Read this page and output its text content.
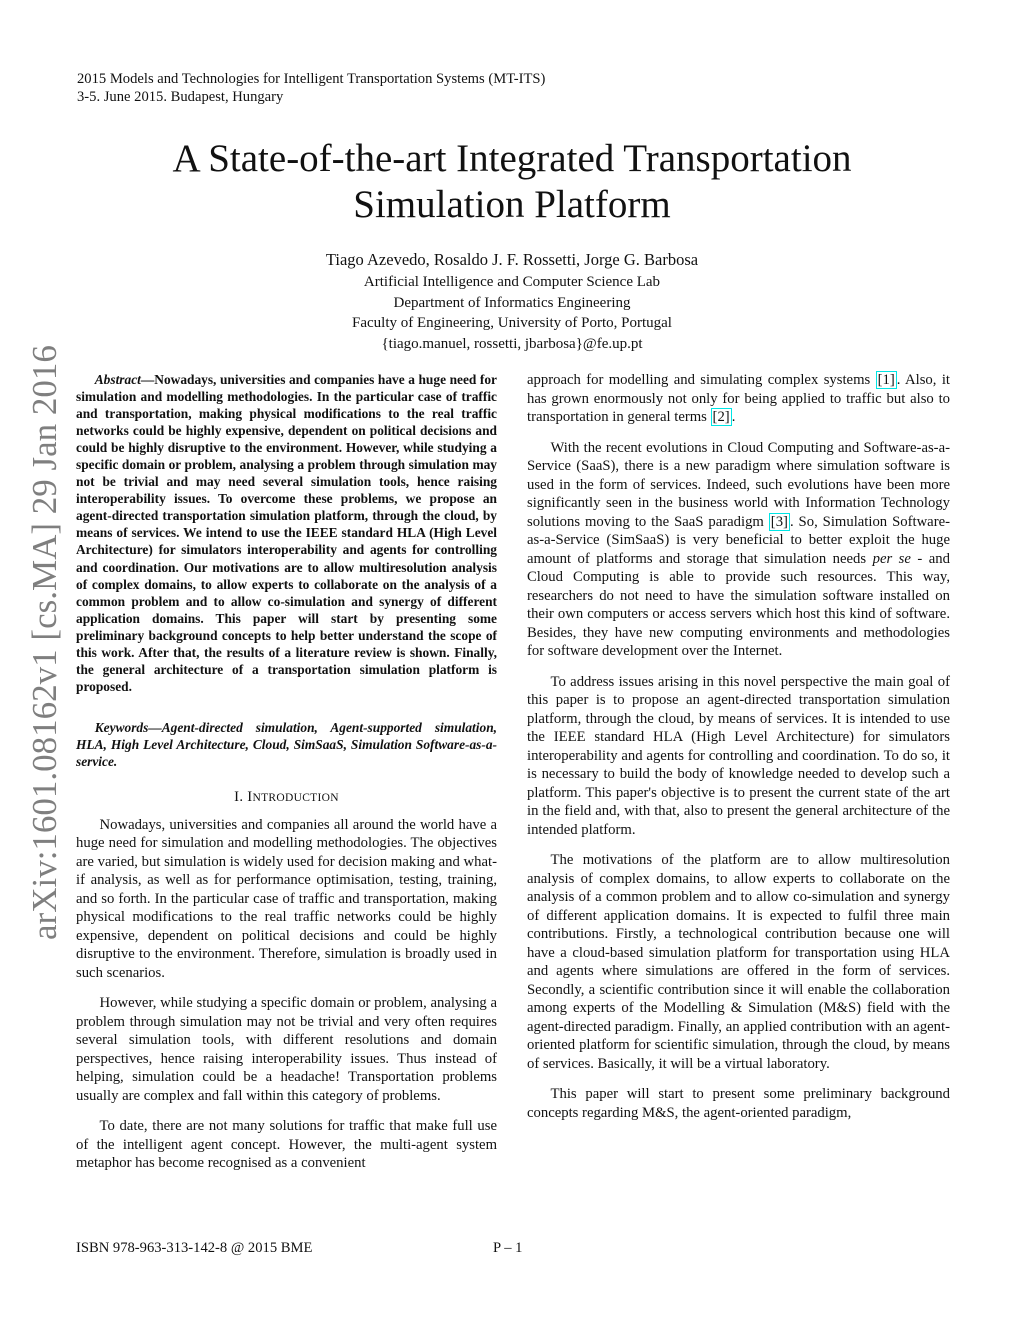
2015 Models and Technologies for Intelligent Transportation Systems (MT-ITS)
3-5. June 2015. Budapest, Hungary
A State-of-the-art Integrated Transportation
Simulation Platform
Tiago Azevedo, Rosaldo J. F. Rossetti, Jorge G. Barbosa
Artificial Intelligence and Computer Science Lab
Department of Informatics Engineering
Faculty of Engineering, University of Porto, Portugal
{tiago.manuel, rossetti, jbarbosa}@fe.up.pt
arXiv:1601.08162v1 [cs.MA] 29 Jan 2016	Abstract—Nowadays, universities and companies have a huge need for simulation and modelling methodologies. In the particular case of traffic and transportation, making physical modifications to the real traffic networks could be highly expensive, dependent on political decisions and could be highly disruptive to the environment. However, while studying a specific domain or problem, analysing a problem through simulation may not be trivial and may need several simulation tools, hence raising interoperability issues. To overcome these problems, we propose an agent-directed transportation simulation platform, through the cloud, by means of services. We intend to use the IEEE standard HLA (High Level Architecture) for simulators interoperability and agents for controlling and coordination. Our motivations are to allow multiresolution analysis of complex domains, to allow experts to collaborate on the analysis of a common problem and to allow co-simulation and synergy of different application domains. This paper will start by presenting some preliminary background concepts to help better understand the scope of this work. After that, the results of a literature review is shown. Finally, the general architecture of a transportation simulation platform is proposed.

Keywords—Agent-directed simulation, Agent-supported simulation, HLA, High Level Architecture, Cloud, SimSaaS, Simulation Software-as-a-service.

I. INTRODUCTION

Nowadays, universities and companies all around the world have a huge need for simulation and modelling methodologies. The objectives are varied, but simulation is widely used for decision making and what-if analysis, as well as for performance optimisation, testing, training, and so forth. In the particular case of traffic and transportation, making physical modifications to the real traffic networks could be highly expensive, dependent on political decisions and could be highly disruptive to the environment. Therefore, simulation is broadly used in such scenarios.

However, while studying a specific domain or problem, analysing a problem through simulation may not be trivial and very often requires several simulation tools, with different resolutions and domain perspectives, hence raising interoperability issues. Thus instead of helping, simulation could be a headache! Transportation problems usually are complex and fall within this category of problems.

To date, there are not many solutions for traffic that make full use of the intelligent agent concept. However, the multi-agent system metaphor has become recognised as a convenient

approach for modelling and simulating complex systems [1] . Also, it has grown enormously not only for being applied to traffic but also to transportation in general terms [2] .

With the recent evolutions in Cloud Computing and Software-as-a-Service (SaaS), there is a new paradigm where simulation software is used in the form of services. Indeed, such evolutions have been more significantly seen in the business world with Information Technology solutions moving to the SaaS paradigm [3] . So, Simulation Software-as-a-Service (SimSaaS) is very beneficial to better exploit the huge amount of platforms and storage that simulation needs per se - and Cloud Computing is able to provide such resources. This way, researchers do not need to have the simulation software installed on their own computers or access servers which host this kind of software. Besides, they have new computing environments and methodologies for software development over the Internet.

To address issues arising in this novel perspective the main goal of this paper is to propose an agent-directed transportation simulation platform, through the cloud, by means of services. It is intended to use the IEEE standard HLA (High Level Architecture) for simulators interoperability and agents for controlling and coordination. To do so, it is necessary to build the body of knowledge needed to develop such a platform. This paper's objective is to present the current state of the art in the field and, with that, also to present the general architecture of the intended platform.

The motivations of the platform are to allow multiresolution analysis of complex domains, to allow experts to collaborate on the analysis of a common problem and to allow co-simulation and synergy of different application domains. It is expected to fulfil three main contributions. Firstly, a technological contribution because one will have a cloud-based simulation platform for transportation using HLA and agents where simulations are offered in the form of services. Secondly, a scientific contribution since it will enable the collaboration among experts of the Modelling & Simulation (M&S) field with the agent-directed paradigm. Finally, an applied contribution with an agent-oriented platform for scientific simulation, through the cloud, by means of services. Basically, it will be a virtual laboratory.

This paper will start to present some preliminary background concepts regarding M&S, the agent-oriented paradigm,

ISBN 978-963-313-142-8 @ 2015 BME	P – 1
